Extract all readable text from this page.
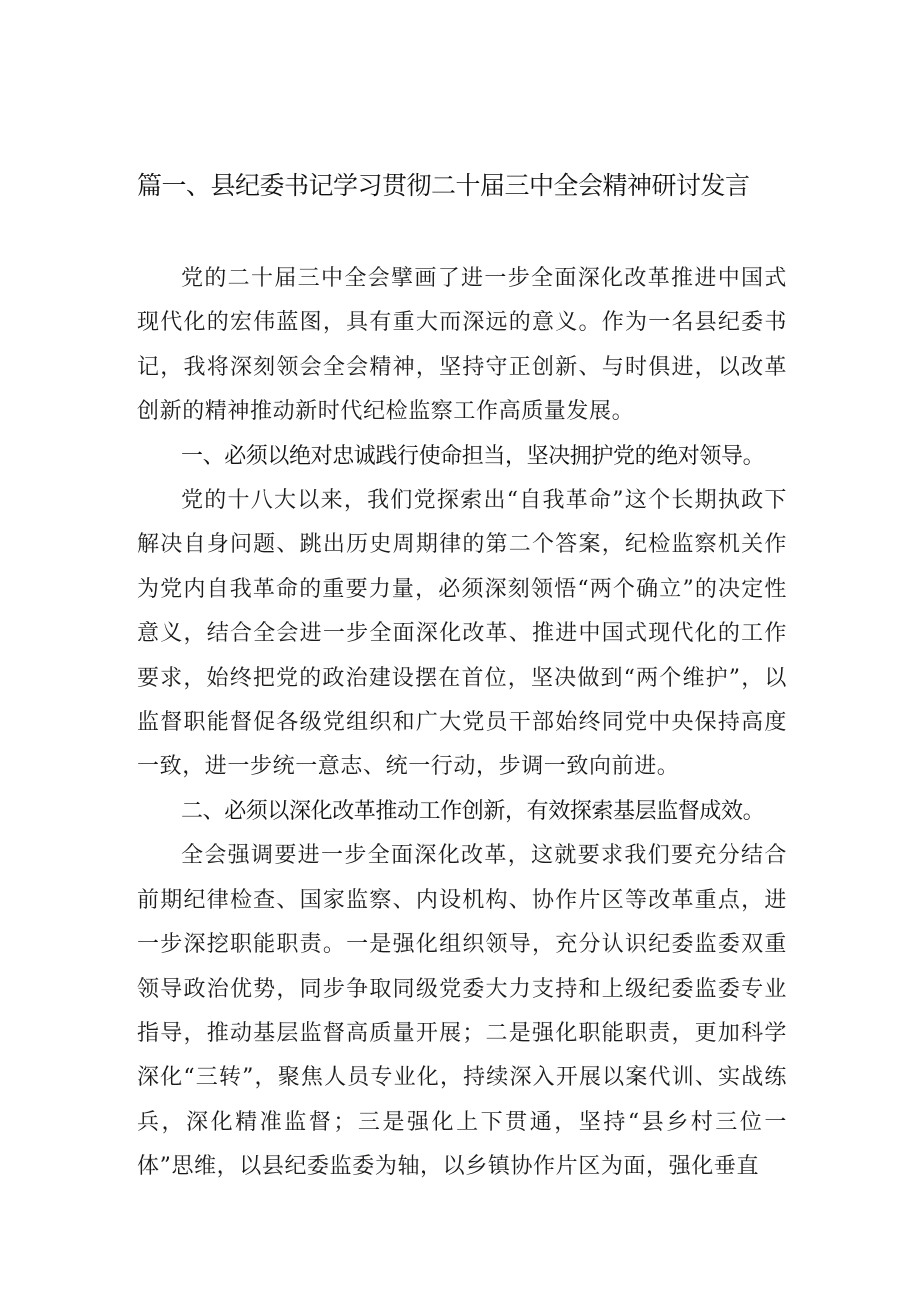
篇一、县纪委书记学习贯彻二十届三中全会精神研讨发言

党的二十届三中全会擘画了进一步全面深化改革推进中国式现代化的宏伟蓝图，具有重大而深远的意义。作为一名县纪委书记，我将深刻领会全会精神，坚持守正创新、与时俱进，以改革创新的精神推动新时代纪检监察工作高质量发展。

一、必须以绝对忠诚践行使命担当，坚决拥护党的绝对领导。

党的十八大以来，我们党探索出“自我革命”这个长期执政下解决自身问题、跳出历史周期律的第二个答案，纪检监察机关作为党内自我革命的重要力量，必须深刻领悟“两个确立”的决定性意义，结合全会进一步全面深化改革、推进中国式现代化的工作要求，始终把党的政治建设摆在首位，坚决做到“两个维护”，以监督职能督促各级党组织和广大党员干部始终同党中央保持高度一致，进一步统一意志、统一行动，步调一致向前进。

二、必须以深化改革推动工作创新，有效探索基层监督成效。

全会强调要进一步全面深化改革，这就要求我们要充分结合前期纪律检查、国家监察、内设机构、协作片区等改革重点，进一步深挖职能职责。一是强化组织领导，充分认识纪委监委双重领导政治优势，同步争取同级党委大力支持和上级纪委监委专业指导，推动基层监督高质量开展；二是强化职能职责，更加科学深化“三转”，聚焦人员专业化，持续深入开展以案代训、实战练兵，深化精准监督；三是强化上下贯通，坚持“县乡村三位一体”思维，以县纪委监委为轴，以乡镇协作片区为面，强化垂直
